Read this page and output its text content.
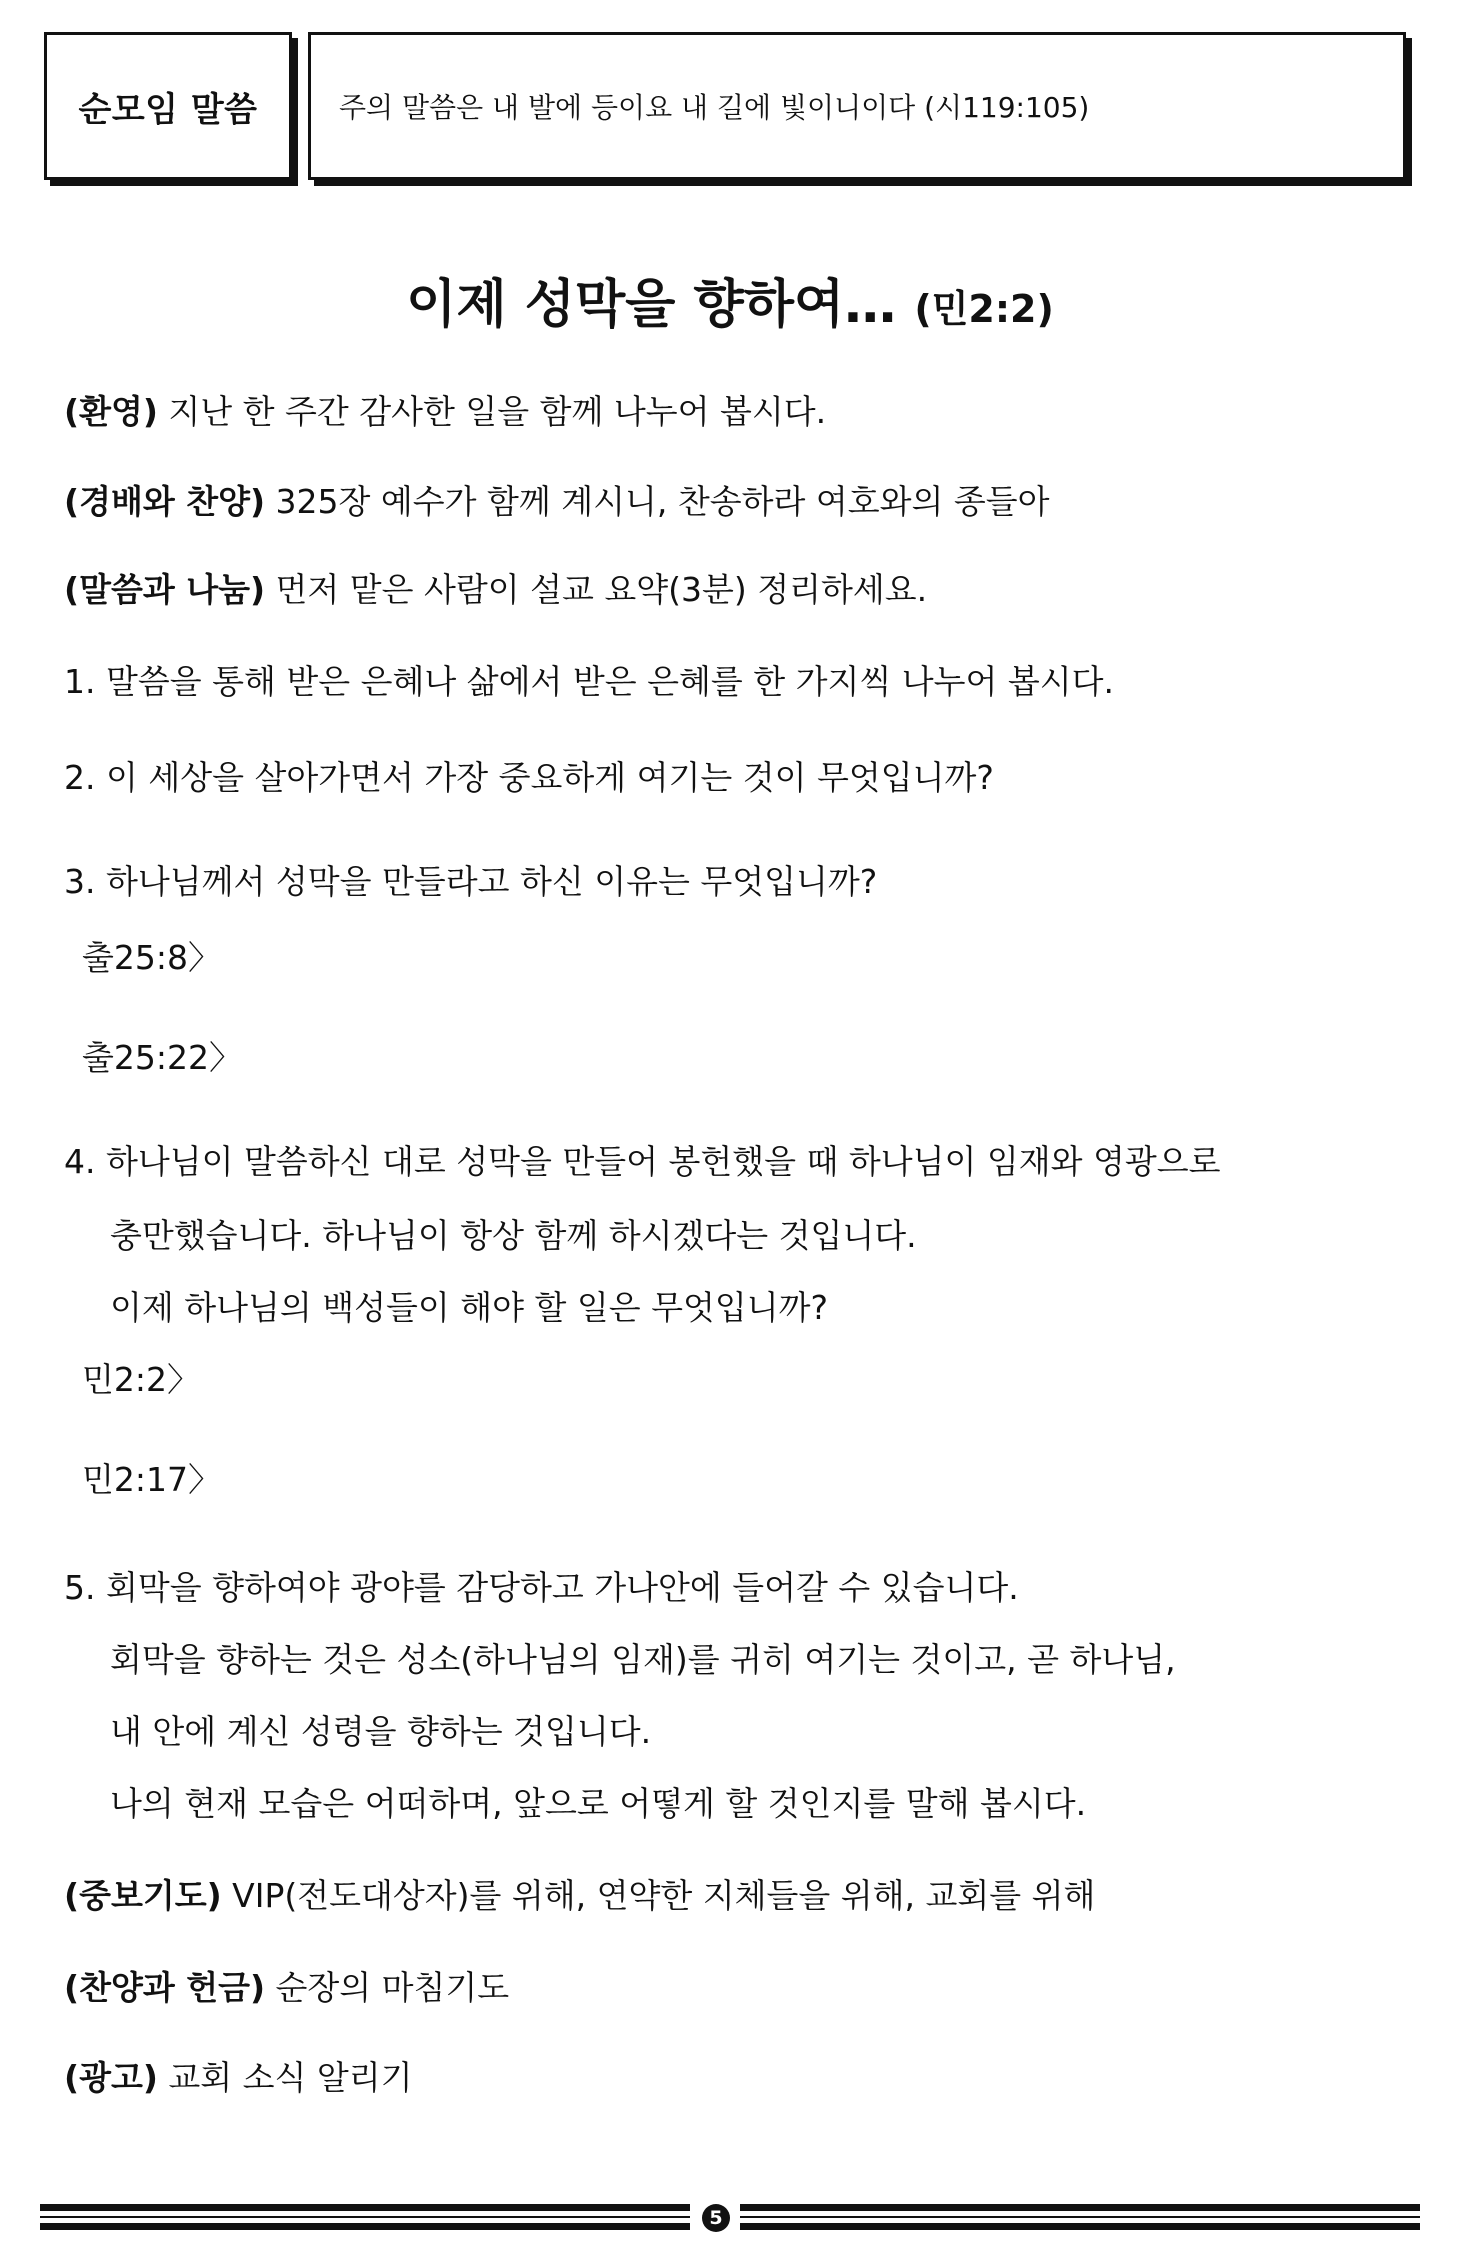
순모임 말씀	주의 말씀은 내 발에 등이요 내 길에 빛이니이다 (시119:105)
이제 성막을 향하여… (민2:2)
(환영) 지난 한 주간 감사한 일을 함께 나누어 봅시다.
(경배와 찬양) 325장 예수가 함께 계시니, 찬송하라 여호와의 종들아
(말씀과 나눔) 먼저 맡은 사람이 설교 요약(3분) 정리하세요.
1. 말씀을 통해 받은 은혜나 삶에서 받은 은혜를 한 가지씩 나누어 봅시다.
2. 이 세상을 살아가면서 가장 중요하게 여기는 것이 무엇입니까?
3. 하나님께서 성막을 만들라고 하신 이유는 무엇입니까?
출25:8〉
출25:22〉
4. 하나님이 말씀하신 대로 성막을 만들어 봉헌했을 때 하나님이 임재와 영광으로
충만했습니다. 하나님이 항상 함께 하시겠다는 것입니다.
이제 하나님의 백성들이 해야 할 일은 무엇입니까?
민2:2〉
민2:17〉
5. 회막을 향하여야 광야를 감당하고 가나안에 들어갈 수 있습니다.
회막을 향하는 것은 성소(하나님의 임재)를 귀히 여기는 것이고, 곧 하나님,
내 안에 계신 성령을 향하는 것입니다.
나의 현재 모습은 어떠하며, 앞으로 어떻게 할 것인지를 말해 봅시다.
(중보기도) VIP(전도대상자)를 위해, 연약한 지체들을 위해, 교회를 위해
(찬양과 헌금) 순장의 마침기도
(광고) 교회 소식 알리기
5
